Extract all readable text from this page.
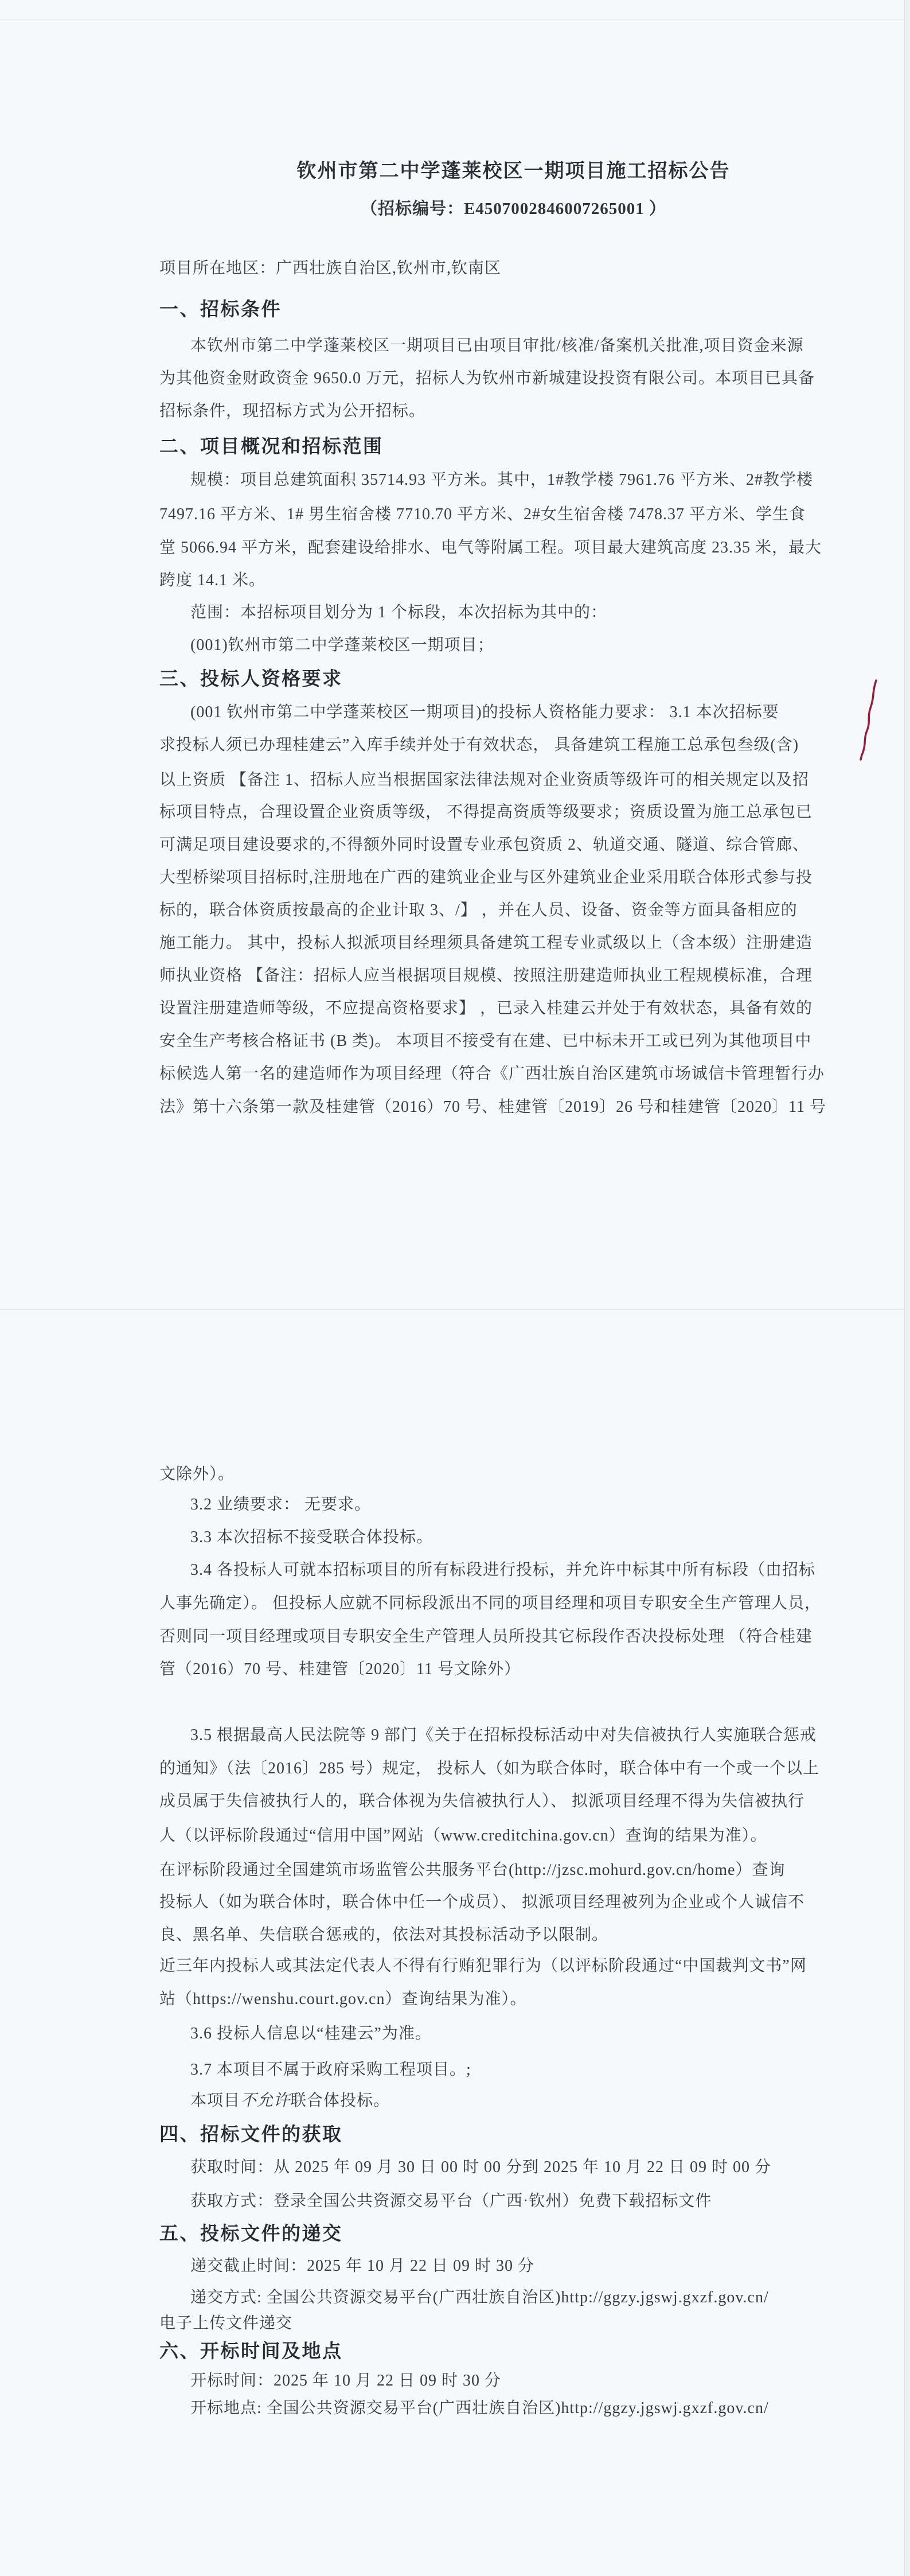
钦州市第二中学蓬莱校区一期项目施工招标公告
（招标编号：E4507002846007265001 ）
项目所在地区：广西壮族自治区,钦州市,钦南区
一、招标条件
本钦州市第二中学蓬莱校区一期项目已由项目审批/核准/备案机关批准,项目资金来源
为其他资金财政资金 9650.0 万元，招标人为钦州市新城建设投资有限公司。本项目已具备
招标条件，现招标方式为公开招标。
二、项目概况和招标范围
规模：项目总建筑面积 35714.93 平方米。其中，1#教学楼 7961.76 平方米、2#教学楼
7497.16 平方米、1# 男生宿舍楼 7710.70 平方米、2#女生宿舍楼 7478.37 平方米、学生食
堂 5066.94 平方米，配套建设给排水、电气等附属工程。项目最大建筑高度 23.35 米，最大
跨度 14.1 米。
范围：本招标项目划分为 1 个标段，本次招标为其中的：
(001)钦州市第二中学蓬莱校区一期项目；
三、投标人资格要求
(001 钦州市第二中学蓬莱校区一期项目)的投标人资格能力要求： 3.1 本次招标要
求投标人须已办理桂建云”入库手续并处于有效状态， 具备建筑工程施工总承包叁级(含)
以上资质 【备注 1、招标人应当根据国家法律法规对企业资质等级许可的相关规定以及招
标项目特点，合理设置企业资质等级， 不得提高资质等级要求；资质设置为施工总承包已
可满足项目建设要求的,不得额外同时设置专业承包资质 2、轨道交通、隧道、综合管廊、
大型桥梁项目招标时,注册地在广西的建筑业企业与区外建筑业企业采用联合体形式参与投
标的，联合体资质按最高的企业计取 3、/】 ，并在人员、设备、资金等方面具备相应的
施工能力。 其中，投标人拟派项目经理须具备建筑工程专业贰级以上（含本级）注册建造
师执业资格 【备注：招标人应当根据项目规模、按照注册建造师执业工程规模标准，合理
设置注册建造师等级，不应提高资格要求】 ，已录入桂建云并处于有效状态，具备有效的
安全生产考核合格证书 (B 类)。 本项目不接受有在建、已中标未开工或已列为其他项目中
标候选人第一名的建造师作为项目经理（符合《广西壮族自治区建筑市场诚信卡管理暂行办
法》第十六条第一款及桂建管（2016）70 号、桂建管〔2019〕26 号和桂建管〔2020〕11 号
文除外）。
3.2 业绩要求： 无要求。
3.3 本次招标不接受联合体投标。
3.4 各投标人可就本招标项目的所有标段进行投标，并允许中标其中所有标段（由招标
人事先确定）。 但投标人应就不同标段派出不同的项目经理和项目专职安全生产管理人员，
否则同一项目经理或项目专职安全生产管理人员所投其它标段作否决投标处理 （符合桂建
管（2016）70 号、桂建管〔2020〕11 号文除外）
3.5 根据最高人民法院等 9 部门《关于在招标投标活动中对失信被执行人实施联合惩戒
的通知》（法〔2016〕285 号）规定， 投标人（如为联合体时，联合体中有一个或一个以上
成员属于失信被执行人的，联合体视为失信被执行人）、 拟派项目经理不得为失信被执行
人（以评标阶段通过“信用中国”网站（www.creditchina.gov.cn）查询的结果为准）。
在评标阶段通过全国建筑市场监管公共服务平台(http://jzsc.mohurd.gov.cn/home）查询
投标人（如为联合体时，联合体中任一个成员）、 拟派项目经理被列为企业或个人诚信不
良、黑名单、失信联合惩戒的，依法对其投标活动予以限制。
近三年内投标人或其法定代表人不得有行贿犯罪行为（以评标阶段通过“中国裁判文书”网
站（https://wenshu.court.gov.cn）查询结果为准）。
3.6 投标人信息以“桂建云”为准。
3.7 本项目不属于政府采购工程项目。;
本项目不允许联合体投标。
四、招标文件的获取
获取时间：从 2025 年 09 月 30 日 00 时 00 分到 2025 年 10 月 22 日 09 时 00 分
获取方式：登录全国公共资源交易平台（广西·钦州）免费下载招标文件
五、投标文件的递交
递交截止时间：2025 年 10 月 22 日 09 时 30 分
递交方式: 全国公共资源交易平台(广西壮族自治区)http://ggzy.jgswj.gxzf.gov.cn/
电子上传文件递交
六、开标时间及地点
开标时间：2025 年 10 月 22 日 09 时 30 分
开标地点: 全国公共资源交易平台(广西壮族自治区)http://ggzy.jgswj.gxzf.gov.cn/
